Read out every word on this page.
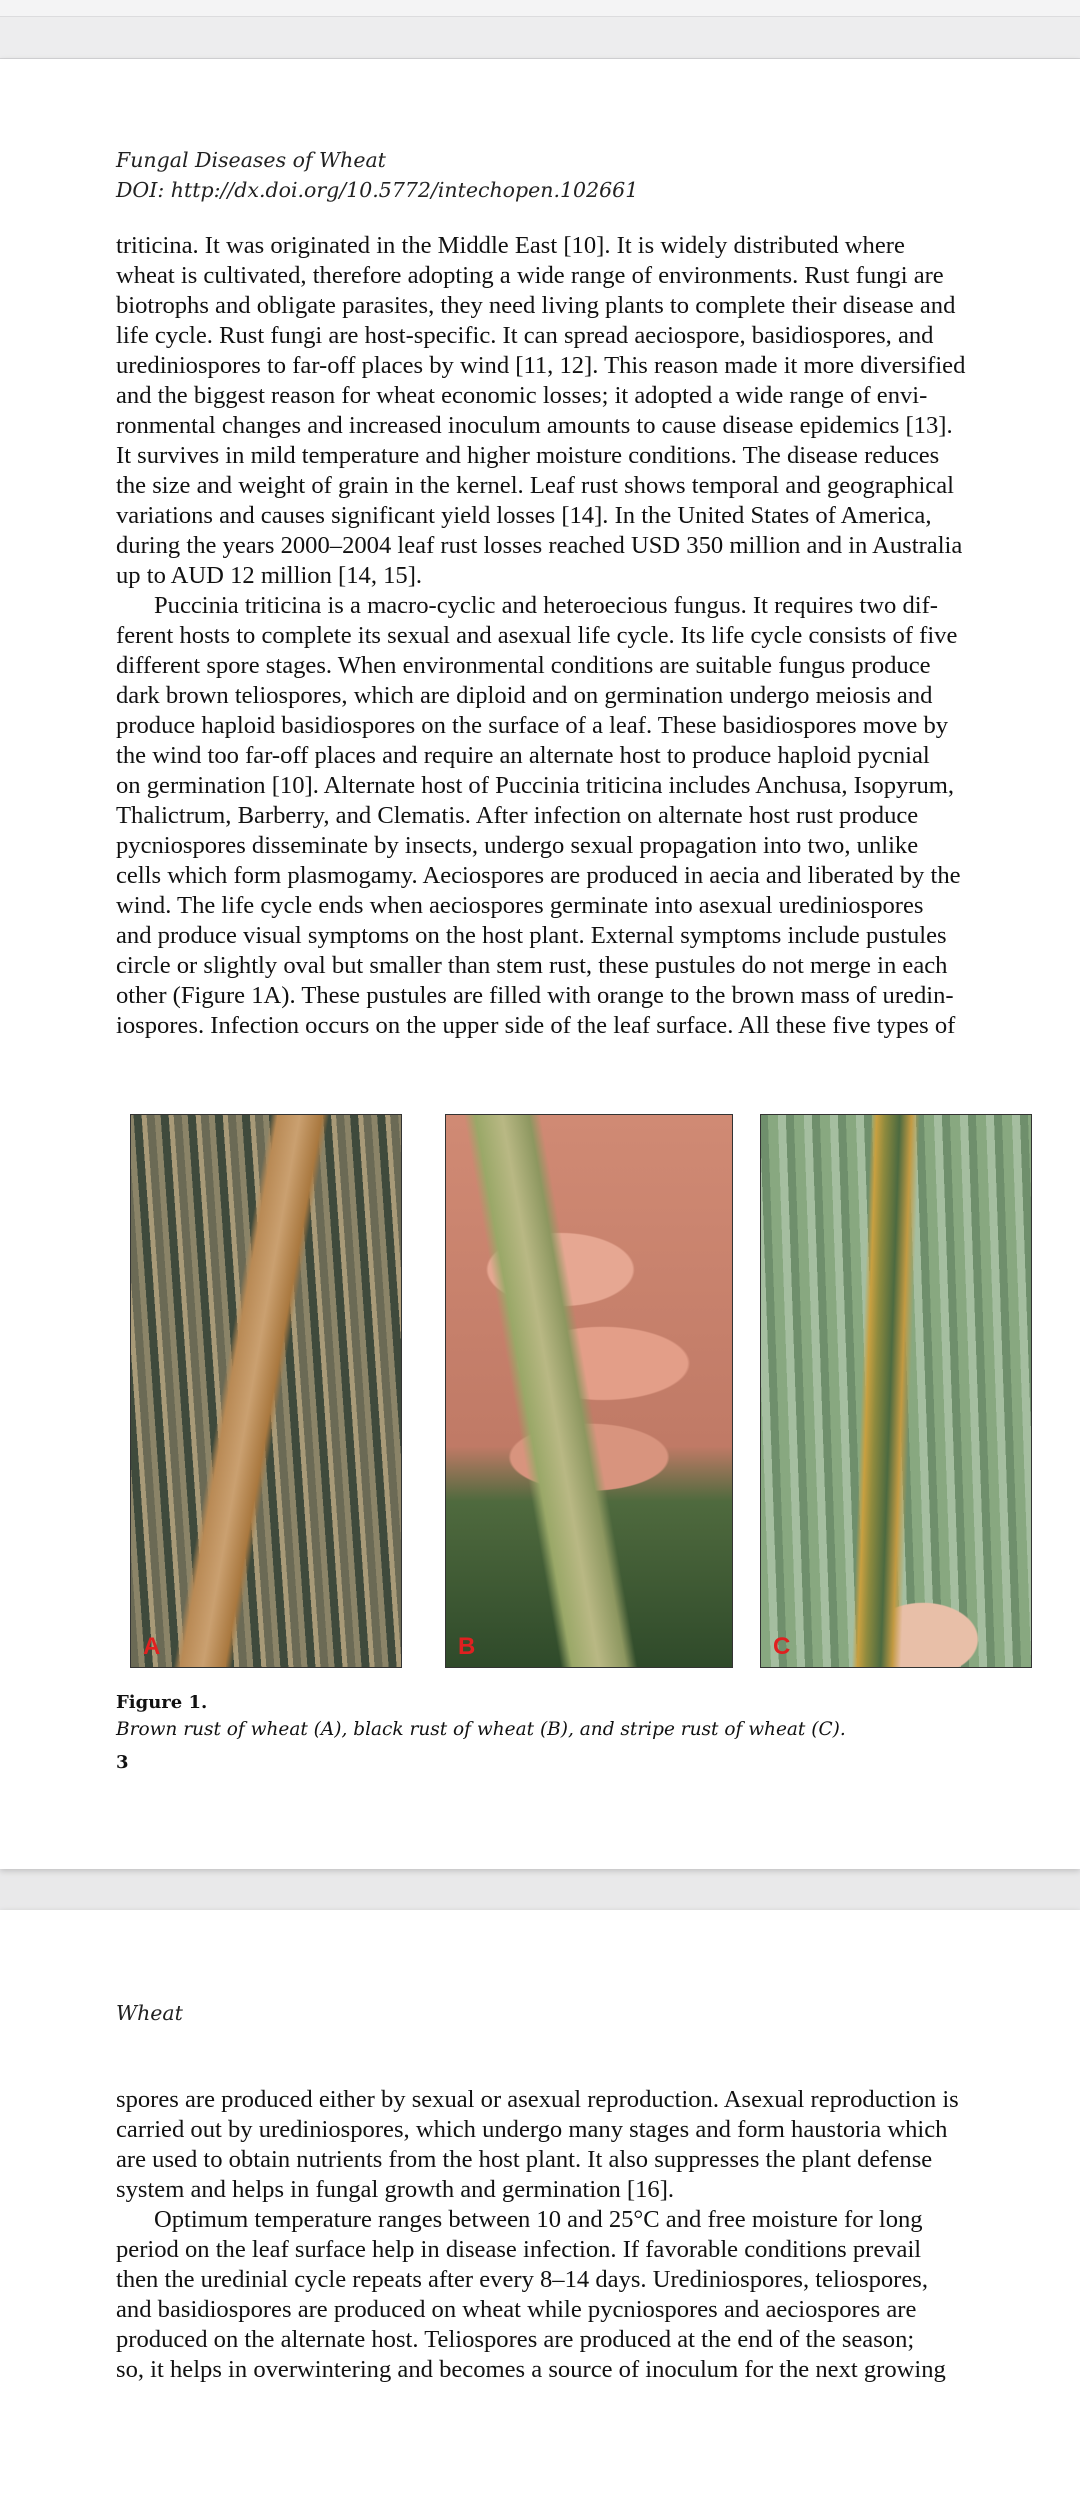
Fungal Diseases of Wheat
DOI: http://dx.doi.org/10.5772/intechopen.102661

triticina. It was originated in the Middle East [10]. It is widely distributed where
wheat is cultivated, therefore adopting a wide range of environments. Rust fungi are
biotrophs and obligate parasites, they need living plants to complete their disease and
life cycle. Rust fungi are host-specific. It can spread aeciospore, basidiospores, and
urediniospores to far-off places by wind [11, 12]. This reason made it more diversified
and the biggest reason for wheat economic losses; it adopted a wide range of envi-
ronmental changes and increased inoculum amounts to cause disease epidemics [13].
It survives in mild temperature and higher moisture conditions. The disease reduces
the size and weight of grain in the kernel. Leaf rust shows temporal and geographical
variations and causes significant yield losses [14]. In the United States of America,
during the years 2000–2004 leaf rust losses reached USD 350 million and in Australia
up to AUD 12 million [14, 15].

Puccinia triticina is a macro-cyclic and heteroecious fungus. It requires two dif-
ferent hosts to complete its sexual and asexual life cycle. Its life cycle consists of five
different spore stages. When environmental conditions are suitable fungus produce
dark brown teliospores, which are diploid and on germination undergo meiosis and
produce haploid basidiospores on the surface of a leaf. These basidiospores move by
the wind too far-off places and require an alternate host to produce haploid pycnial
on germination [10]. Alternate host of Puccinia triticina includes Anchusa, Isopyrum,
Thalictrum, Barberry, and Clematis. After infection on alternate host rust produce
pycniospores disseminate by insects, undergo sexual propagation into two, unlike
cells which form plasmogamy. Aeciospores are produced in aecia and liberated by the
wind. The life cycle ends when aeciospores germinate into asexual urediniospores
and produce visual symptoms on the host plant. External symptoms include pustules
circle or slightly oval but smaller than stem rust, these pustules do not merge in each
other (Figure 1A). These pustules are filled with orange to the brown mass of uredin-
iospores. Infection occurs on the upper side of the leaf surface. All these five types of

A	B	C
Figure 1.
Brown rust of wheat (A), black rust of wheat (B), and stripe rust of wheat (C).
3
Wheat

spores are produced either by sexual or asexual reproduction. Asexual reproduction is
carried out by urediniospores, which undergo many stages and form haustoria which
are used to obtain nutrients from the host plant. It also suppresses the plant defense
system and helps in fungal growth and germination [16].

Optimum temperature ranges between 10 and 25°C and free moisture for long
period on the leaf surface help in disease infection. If favorable conditions prevail
then the uredinial cycle repeats after every 8–14 days. Urediniospores, teliospores,
and basidiospores are produced on wheat while pycniospores and aeciospores are
produced on the alternate host. Teliospores are produced at the end of the season;
so, it helps in overwintering and becomes a source of inoculum for the next growing
